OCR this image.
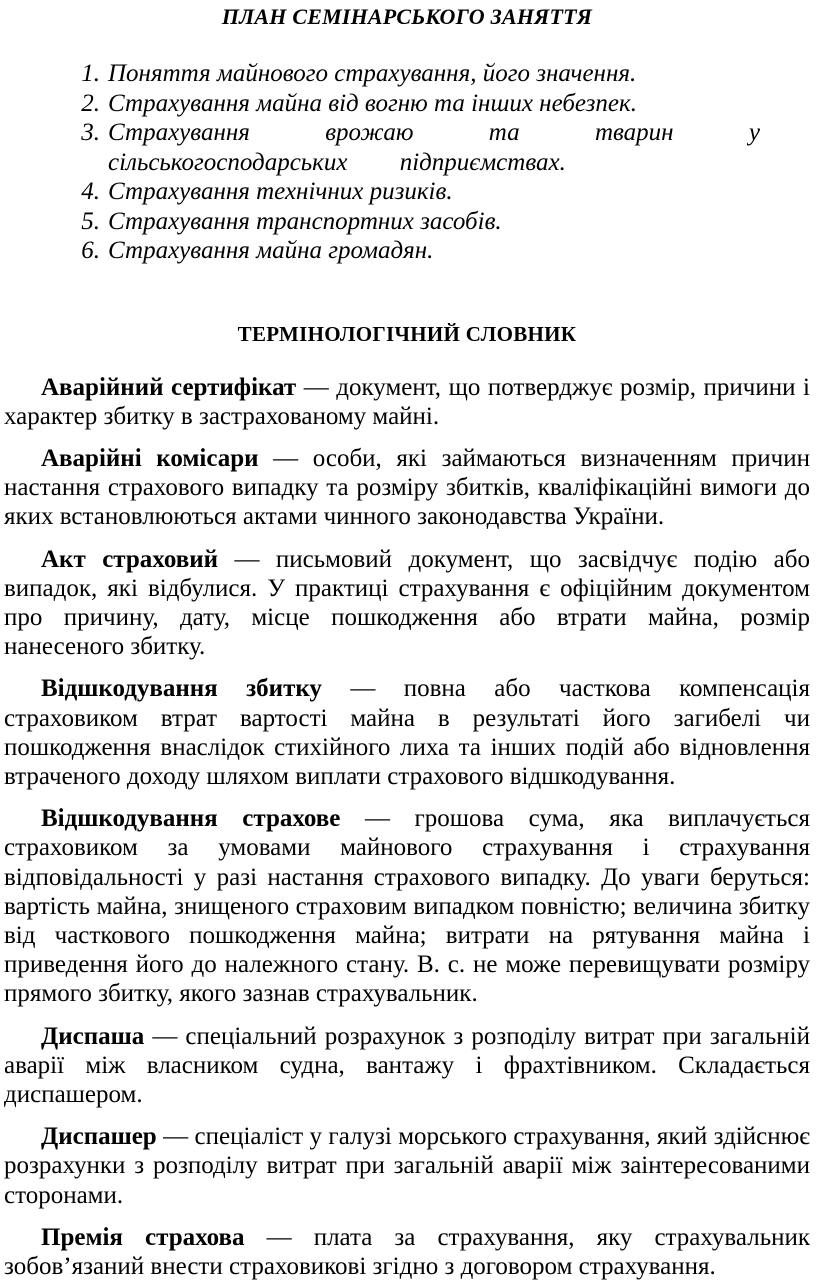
ПЛАН СЕМІНАРСЬКОГО ЗАНЯТТЯ
1. Поняття майнового страхування, його значення.
2. Страхування майна від вогню та інших небезпек.
3. Страхування врожаю та тварин у сільськогосподарських підприємствах.
4. Страхування технічних ризиків.
5. Страхування транспортних засобів.
6. Страхування майна громадян.
ТЕРМІНОЛОГІЧНИЙ СЛОВНИК

Аварійний сертифікат — документ, що потверджує розмір, причини і характер збитку в застрахованому майні.

Аварійні комісари — особи, які займаються визначенням причин настання страхового випадку та розміру збитків, кваліфікаційні вимоги до яких встановлюються актами чинного законодавства України.

Акт страховий — письмовий документ, що засвідчує подію або випадок, які відбулися. У практиці страхування є офіційним документом про причину, дату, місце пошкодження або втрати майна, розмір нанесеного збитку.

Відшкодування збитку — повна або часткова компенсація страховиком втрат вартості майна в результаті його загибелі чи пошкодження внаслідок стихійного лиха та інших подій або відновлення втраченого доходу шляхом виплати страхового відшкодування.

Відшкодування страхове — грошова сума, яка виплачується страховиком за умовами майнового страхування і страхування відповідальності у разі настання страхового випадку. До уваги беруться: вартість майна, знищеного страховим випадком повністю; величина збитку від часткового пошкодження майна; витрати на рятування майна і приведення його до належного стану. В. с. не може перевищувати розміру прямого збитку, якого зазнав страхувальник.

Диспаша — спеціальний розрахунок з розподілу витрат при загальній аварії між власником судна, вантажу і фрахтівником. Складається диспашером.

Диспашер — спеціаліст у галузі морського страхування, який здійснює розрахунки з розподілу витрат при загальній аварії між заінтересованими сторонами.

Премія страхова — плата за страхування, яку страхувальник зобов’язаний внести страховикові згідно з договором страхування.
